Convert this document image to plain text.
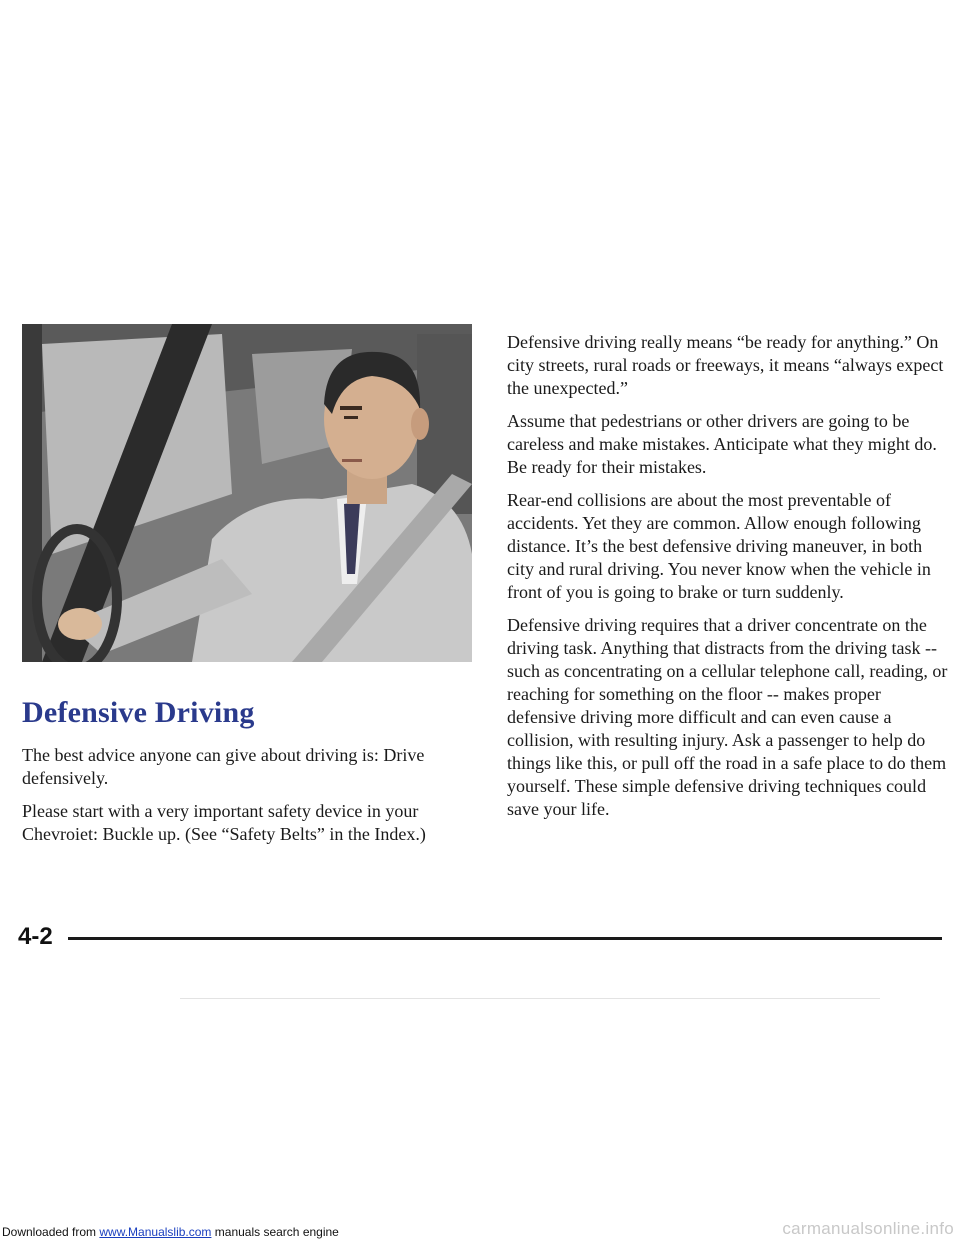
Defensive Driving

The best advice anyone can give about driving is: Drive defensively.

Please start with a very important safety device in your Chevroiet: Buckle up. (See “Safety Belts” in the Index.)

Defensive driving really means “be ready for anything.” On city streets, rural roads or freeways, it means “always expect the unexpected.”

Assume that pedestrians or other drivers are going to be careless and make mistakes. Anticipate what they might do. Be ready for their mistakes.

Rear-end collisions are about the most preventable of accidents. Yet they are common. Allow enough following distance. It’s the best defensive driving maneuver, in both city and rural driving. You never know when the vehicle in front of you is going to brake or turn suddenly.

Defensive driving requires that a driver concentrate on the driving task. Anything that distracts from the driving task -- such as concentrating on a cellular telephone call, reading, or reaching for something on the floor -- makes proper defensive driving more difficult and can even cause a collision, with resulting injury. Ask a passenger to help do things like this, or pull off the road in a safe place to do them yourself. These simple defensive driving techniques could save your life.

4-2
Downloaded from www.Manualslib.com manuals search engine	carmanualsonline.info
